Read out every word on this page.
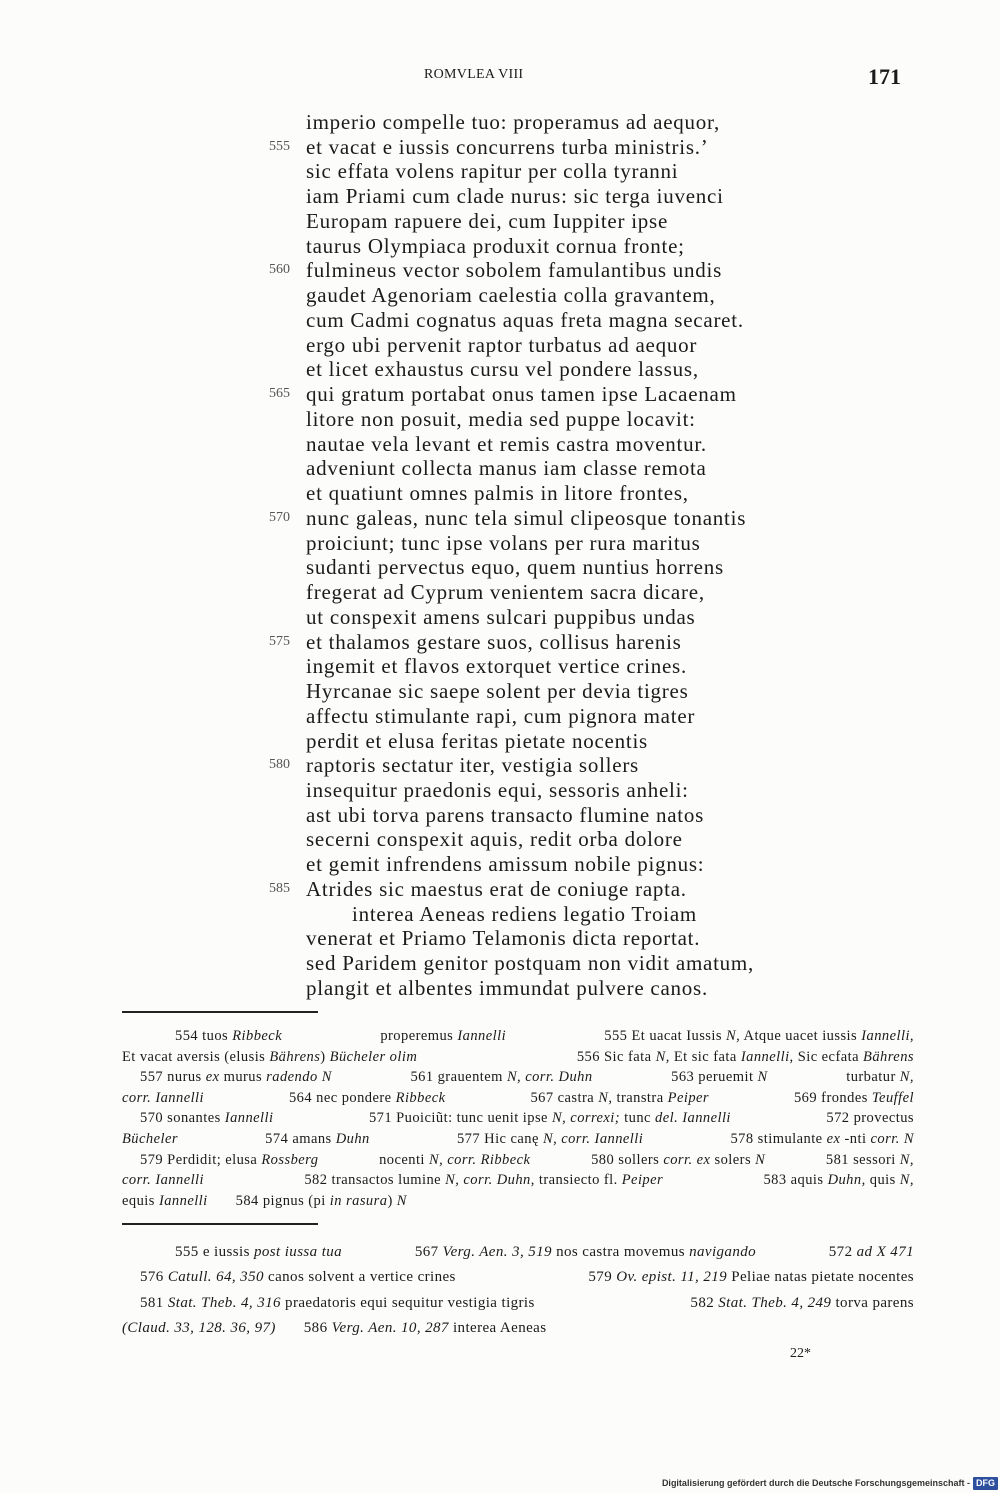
ROMVLEA VIII	171
imperio compelle tuo: properamus ad aequor,
555 et vacat e iussis concurrens turba ministris.’
sic effata volens rapitur per colla tyranni
iam Priami cum clade nurus: sic terga iuvenci
Europam rapuere dei, cum Iuppiter ipse
taurus Olympiaca produxit cornua fronte;
560 fulmineus vector sobolem famulantibus undis
gaudet Agenoriam caelestia colla gravantem,
cum Cadmi cognatus aquas freta magna secaret.
ergo ubi pervenit raptor turbatus ad aequor
et licet exhaustus cursu vel pondere lassus,
565 qui gratum portabat onus tamen ipse Lacaenam
litore non posuit, media sed puppe locavit:
nautae vela levant et remis castra moventur.
adveniunt collecta manus iam classe remota
et quatiunt omnes palmis in litore frontes,
570 nunc galeas, nunc tela simul clipeosque tonantis
proiciunt; tunc ipse volans per rura maritus
sudanti pervectus equo, quem nuntius horrens
fregerat ad Cyprum venientem sacra dicare,
ut conspexit amens sulcari puppibus undas
575 et thalamos gestare suos, collisus harenis
ingemit et flavos extorquet vertice crines.
Hyrcanae sic saepe solent per devia tigres
affectu stimulante rapi, cum pignora mater
perdit et elusa feritas pietate nocentis
580 raptoris sectatur iter, vestigia sollers
insequitur praedonis equi, sessoris anheli:
ast ubi torva parens transacto flumine natos
secerni conspexit aquis, redit orba dolore
et gemit infrendens amissum nobile pignus:
585 Atrides sic maestus erat de coniuge rapta.
interea Aeneas rediens legatio Troiam
venerat et Priamo Telamonis dicta reportat.
sed Paridem genitor postquam non vidit amatum,
plangit et albentes immundat pulvere canos.
554 tuos Ribbeck	properemus Iannelli	555 Et uacat Iussis N, Atque uacet iussis Iannelli,
Et vacat aversis (elusis Bährens) Bücheler olim	556 Sic fata N, Et sic fata Iannelli, Sic ecfata Bährens
557 nurus ex murus radendo N	561 grauentem N, corr. Duhn	563 peruemit N	turbatur N,
corr. Iannelli	564 nec pondere Ribbeck	567 castra N, transtra Peiper	569 frondes Teuffel
570 sonantes Iannelli	571 Puoiciũt: tunc uenit ipse N, correxi; tunc del. Iannelli	572 provectus
Bücheler	574 amans Duhn	577 Hic canę N, corr. Iannelli	578 stimulante ex -nti corr. N
579 Perdidit; elusa Rossberg	nocenti N, corr. Ribbeck	580 sollers corr. ex solers N	581 sessori N,
corr. Iannelli	582 transactos lumine N, corr. Duhn, transiecto fl. Peiper	583 aquis Duhn, quis N,
equis Iannelli 584 pignus (pi in rasura) N
555 e iussis post iussa tua	567 Verg. Aen. 3, 519 nos castra movemus navigando	572 ad X 471
576 Catull. 64, 350 canos solvent a vertice crines	579 Ov. epist. 11, 219 Peliae natas pietate nocentes
581 Stat. Theb. 4, 316 praedatoris equi sequitur vestigia tigris	582 Stat. Theb. 4, 249 torva parens
(Claud. 33, 128. 36, 97) 586 Verg. Aen. 10, 287 interea Aeneas
22*
Digitalisierung gefördert durch die Deutsche Forschungsgemeinschaft - DFG
